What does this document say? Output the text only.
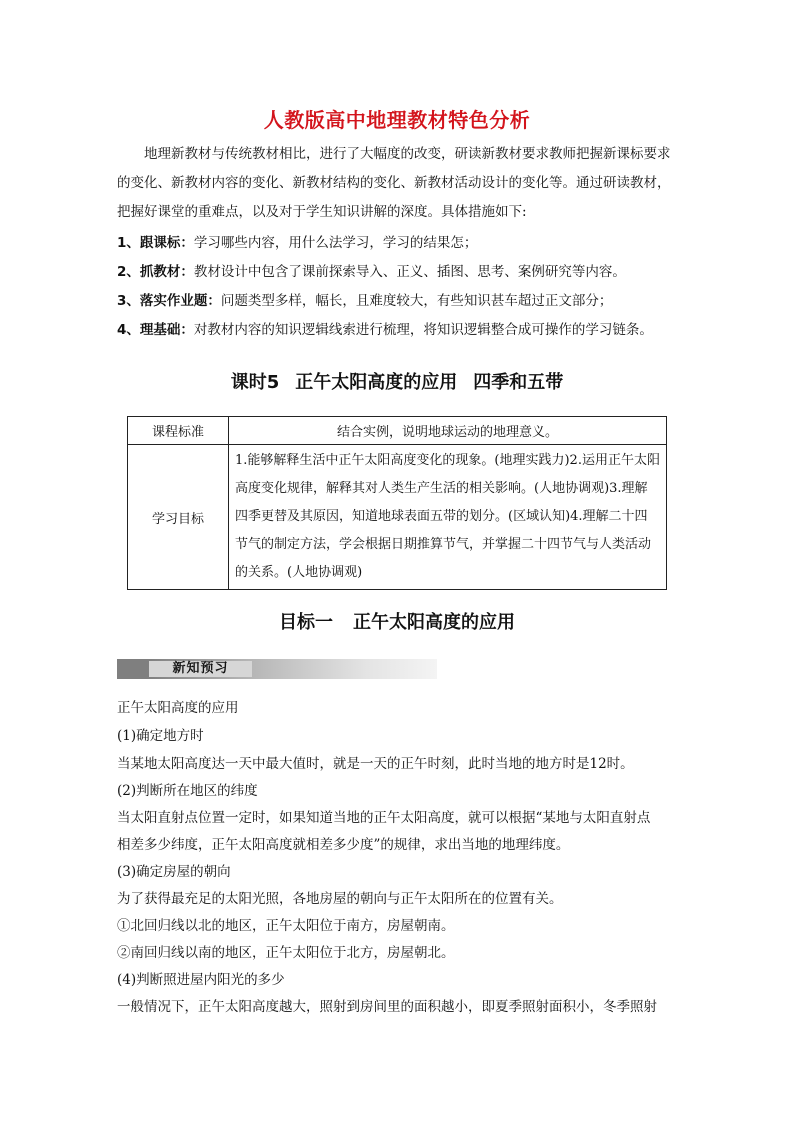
人教版高中地理教材特色分析

地理新教材与传统教材相比，进行了大幅度的改变，研读新教材要求教师把握新课标要求的变化、新教材内容的变化、新教材结构的变化、新教材活动设计的变化等。通过研读教材，把握好课堂的重难点，以及对于学生知识讲解的深度。具体措施如下:

1、跟课标：学习哪些内容，用什么法学习，学习的结果怎；

2、抓教材：教材设计中包含了课前探索导入、正义、插图、思考、案例研究等内容。

3、落实作业题：问题类型多样，幅长，且难度较大，有些知识甚车超过正文部分；

4、理基础：对教材内容的知识逻辑线索进行梳理，将知识逻辑整合成可操作的学习链条。

课时5 正午太阳高度的应用 四季和五带
课程标准	结合实例，说明地球运动的地理意义。
学习目标	1.能够解释生活中正午太阳高度变化的现象。(地理实践力)2.运用正午太阳高度变化规律，解释其对人类生产生活的相关影响。(人地协调观)3.理解四季更替及其原因，知道地球表面五带的划分。(区域认知)4.理解二十四节气的制定方法，学会根据日期推算节气，并掌握二十四节气与人类活动的关系。(人地协调观)
目标一 正午太阳高度的应用
新知预习

正午太阳高度的应用

(1)确定地方时

当某地太阳高度达一天中最大值时，就是一天的正午时刻，此时当地的地方时是12时。

(2)判断所在地区的纬度

当太阳直射点位置一定时，如果知道当地的正午太阳高度，就可以根据“某地与太阳直射点

相差多少纬度，正午太阳高度就相差多少度”的规律，求出当地的地理纬度。

(3)确定房屋的朝向

为了获得最充足的太阳光照，各地房屋的朝向与正午太阳所在的位置有关。

①北回归线以北的地区，正午太阳位于南方，房屋朝南。

②南回归线以南的地区，正午太阳位于北方，房屋朝北。

(4)判断照进屋内阳光的多少

一般情况下，正午太阳高度越大，照射到房间里的面积越小，即夏季照射面积小，冬季照射
